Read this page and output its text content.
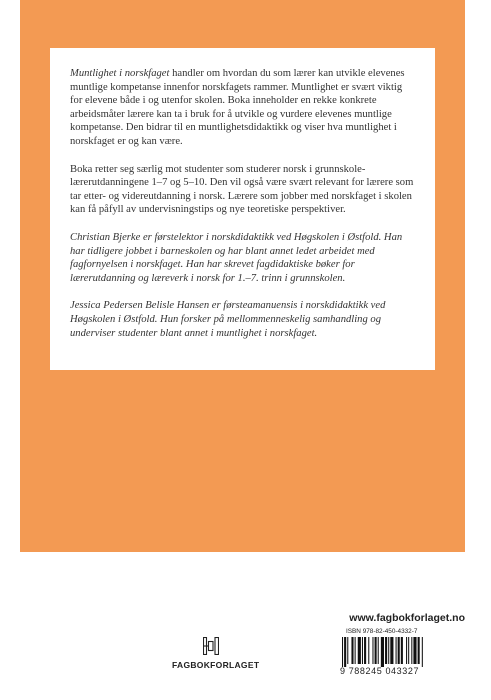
Muntlighet i norskfaget handler om hvordan du som lærer kan utvikle elevenes muntlige kompetanse innenfor norskfagets rammer. Muntlighet er svært viktig for elevene både i og utenfor skolen. Boka inneholder en rekke konkrete arbeidsmåter lærere kan ta i bruk for å utvikle og vurdere elevenes muntlige kompetanse. Den bidrar til en muntlighetsdidaktikk og viser hva muntlighet i norskfaget er og kan være.

Boka retter seg særlig mot studenter som studerer norsk i grunnskolelærerutdanningene 1–7 og 5–10. Den vil også være svært relevant for lærere som tar etter- og videreutdanning i norsk. Lærere som jobber med norskfaget i skolen kan få påfyll av undervisningstips og nye teoretiske perspektiver.

Christian Bjerke er førstelektor i norskdidaktikk ved Høgskolen i Østfold. Han har tidligere jobbet i barneskolen og har blant annet ledet arbeidet med fagfornyelsen i norskfaget. Han har skrevet fagdidaktiske bøker for lærerutdanning og læreverk i norsk for 1.–7. trinn i grunnskolen.

Jessica Pedersen Belisle Hansen er førsteamanuensis i norskdidaktikk ved Høgskolen i Østfold. Hun forsker på mellommenneskelig samhandling og underviser studenter blant annet i muntlighet i norskfaget.

www.fagbokforlaget.no
FAGBOKFORLAGET
ISBN 978-82-450-4332-7
9 788245 043327
